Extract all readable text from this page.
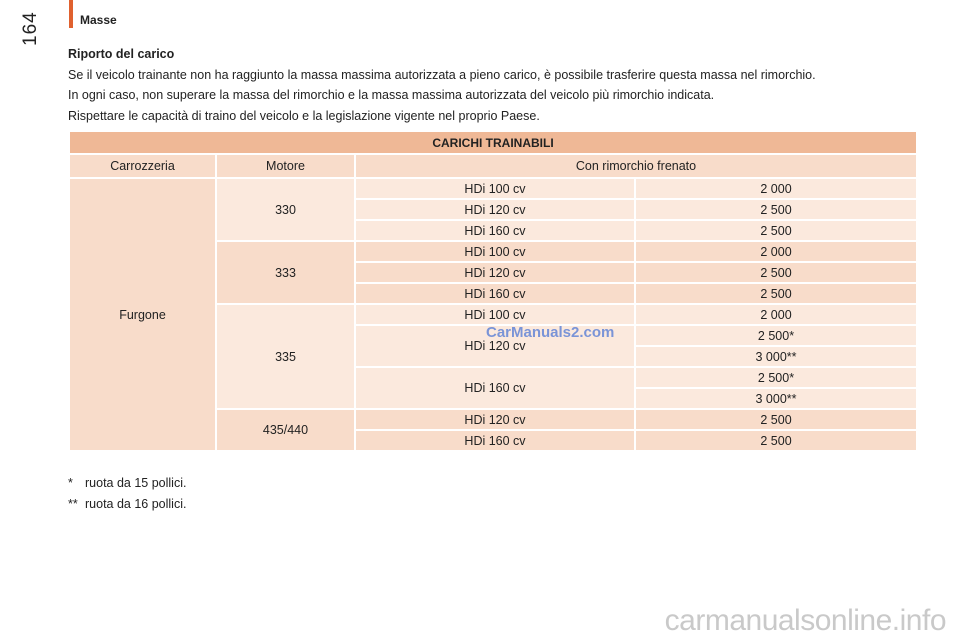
164	Masse
Riporto del carico
Se il veicolo trainante non ha raggiunto la massa massima autorizzata a pieno carico, è possibile trasferire questa massa nel rimorchio.
In ogni caso, non superare la massa del rimorchio e la massa massima autorizzata del veicolo più rimorchio indicata.
Rispettare le capacità di traino del veicolo e la legislazione vigente nel proprio Paese.
CARICHI TRAINABILI			
Carrozzeria	Motore	Con rimorchio frenato	
Furgone	330	HDi 100 cv	2 000
		HDi 120 cv	2 500
		HDi 160 cv	2 500
	333	HDi 100 cv	2 000
		HDi 120 cv	2 500
		HDi 160 cv	2 500
	335	HDi 100 cv	2 000
		HDi 120 cv	2 500*
			3 000**
		HDi 160 cv	2 500*
			3 000**
	435/440	HDi 120 cv	2 500
		HDi 160 cv	2 500
* ruota da 15 pollici.
** ruota da 16 pollici.
CarManuals2.com
carmanualsonline.info
